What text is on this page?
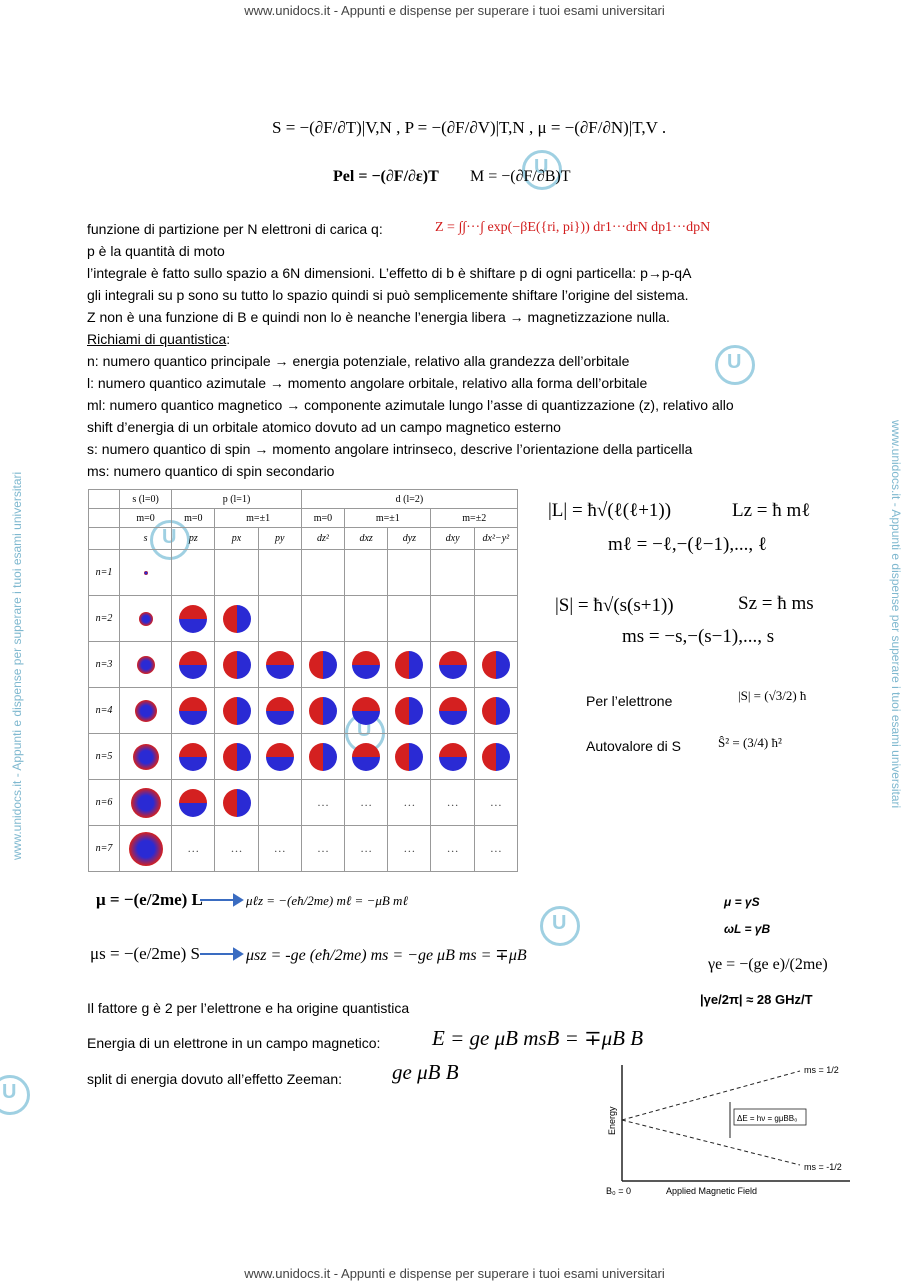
www.unidocs.it - Appunti e dispense per superare i tuoi esami universitari
www.unidocs.it - Appunti e dispense per superare i tuoi esami universitari
www.unidocs.it - Appunti e dispense per superare i tuoi esami universitari	www.unidocs.it - Appunti e dispense per superare i tuoi esami universitari
U
U
U
U
U
U
S = −(∂F/∂T)|V,N , P = −(∂F/∂V)|T,N , μ = −(∂F/∂N)|T,V .
Pel = −(∂F/∂ε)T M = −(∂F/∂B)T
funzione di partizione per N elettroni di carica q:	Z = ∫∫···∫ exp(−βE({ri, pi})) dr1···drN dp1···dpN
p è la quantità di moto
l’integrale è fatto sullo spazio a 6N dimensioni. L’effetto di b è shiftare p di ogni particella: p→p-qA
gli integrali su p sono su tutto lo spazio quindi si può semplicemente shiftare l’origine del sistema.
Z non è una funzione di B e quindi non lo è neanche l’energia libera → magnetizzazione nulla.
Richiami di quantistica:
n: numero quantico principale → energia potenziale, relativo alla grandezza dell’orbitale
l: numero quantico azimutale → momento angolare orbitale, relativo alla forma dell’orbitale
ml: numero quantico magnetico → componente azimutale lungo l’asse di quantizzazione (z), relativo allo
shift d’energia di un orbitale atomico dovuto ad un campo magnetico esterno
s: numero quantico di spin → momento angolare intrinseco, descrive l’orientazione della particella
ms: numero quantico di spin secondario
	s (l=0)	p (l=1)			d (l=2)				
	m=0	m=0	m=±1		m=0	m=±1		m=±2	
	s	pz	px	py	dz²	dxz	dyz	dxy	dx²−y²
n=1									
n=2									
n=3									
n=4									
n=5									
n=6					…	…	…	…	…
n=7		…	…	…	…	…	…	…	…
|L| = ħ√(ℓ(ℓ+1))	Lz = ħ mℓ
mℓ = −ℓ,−(ℓ−1),..., ℓ
|S| = ħ√(s(s+1))	Sz = ħ ms
ms = −s,−(s−1),..., s
Per l’elettrone	|S| = (√3/2) ħ
Autovalore di S	Ŝ² = (3/4) ħ²
μ = −(e/2me) L	μℓz = −(eħ/2me) mℓ = −μB mℓ
μs = −(e/2me) S	μsz = -ge (eħ/2me) ms = −ge μB ms = ∓μB
μ = γS
ωL = γB
γe = −(ge e)/(2me)
|γe/2π| ≈ 28 GHz/T
Il fattore g è 2 per l’elettrone e ha origine quantistica
Energia di un elettrone in un campo magnetico: E = ge μB msB = ∓μB B
split di energia dovuto all’effetto Zeeman: ge μB B
Energy
Applied Magnetic Field
B₀ = 0
ms = 1/2
ms = -1/2
ΔE = hν = gμBB₀
